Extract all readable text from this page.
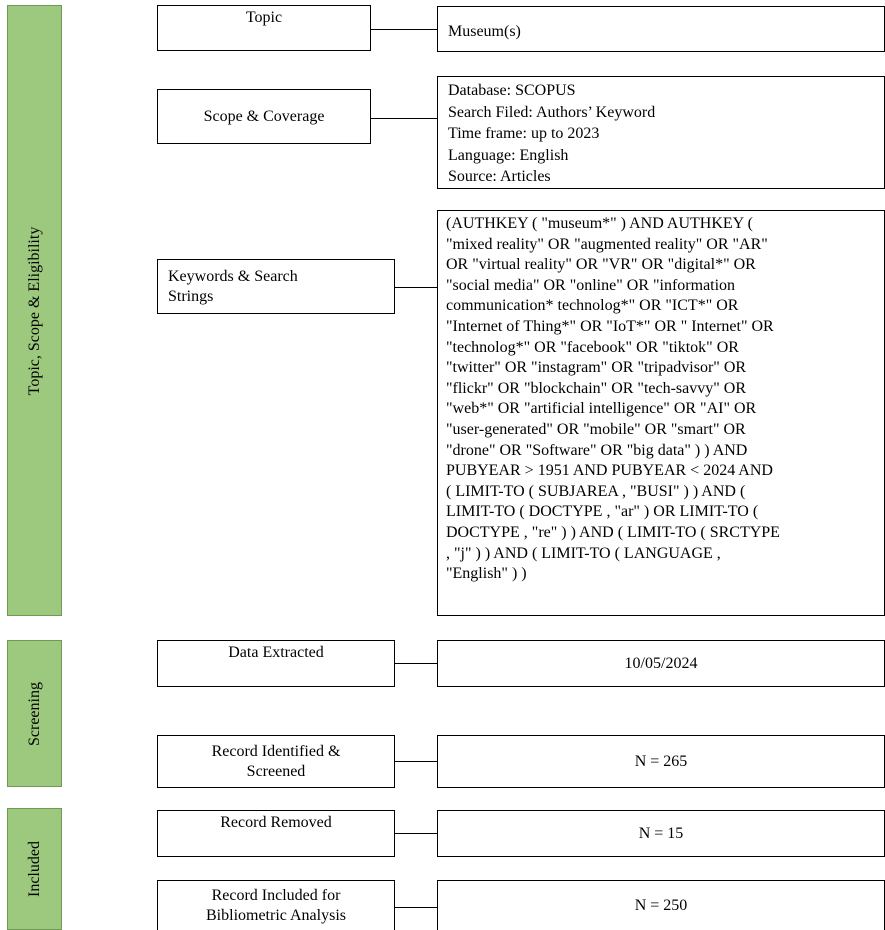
Topic, Scope & Eligibility
Screening
Included
Topic
Museum(s)
Scope & Coverage
Database: SCOPUS
Search Filed: Authors’ Keyword
Time frame: up to 2023
Language: English
Source: Articles
Keywords & Search
Strings
(AUTHKEY ( "museum*" ) AND AUTHKEY (
"mixed reality" OR "augmented reality" OR "AR"
OR "virtual reality" OR "VR" OR "digital*" OR
"social media" OR "online" OR "information
communication* technolog*" OR "ICT*" OR
"Internet of Thing*" OR "IoT*" OR " Internet" OR
"technolog*" OR "facebook" OR "tiktok" OR
"twitter" OR "instagram" OR "tripadvisor" OR
"flickr" OR "blockchain" OR "tech-savvy" OR
"web*" OR "artificial intelligence" OR "AI" OR
"user-generated" OR "mobile" OR "smart" OR
"drone" OR "Software" OR "big data" ) ) AND
PUBYEAR > 1951 AND PUBYEAR < 2024 AND
( LIMIT-TO ( SUBJAREA , "BUSI" ) ) AND (
LIMIT-TO ( DOCTYPE , "ar" ) OR LIMIT-TO (
DOCTYPE , "re" ) ) AND ( LIMIT-TO ( SRCTYPE
, "j" ) ) AND ( LIMIT-TO ( LANGUAGE ,
"English" ) )
Data Extracted
10/05/2024
Record Identified &
Screened
N = 265
Record Removed
N = 15
Record Included for
Bibliometric Analysis
N = 250
